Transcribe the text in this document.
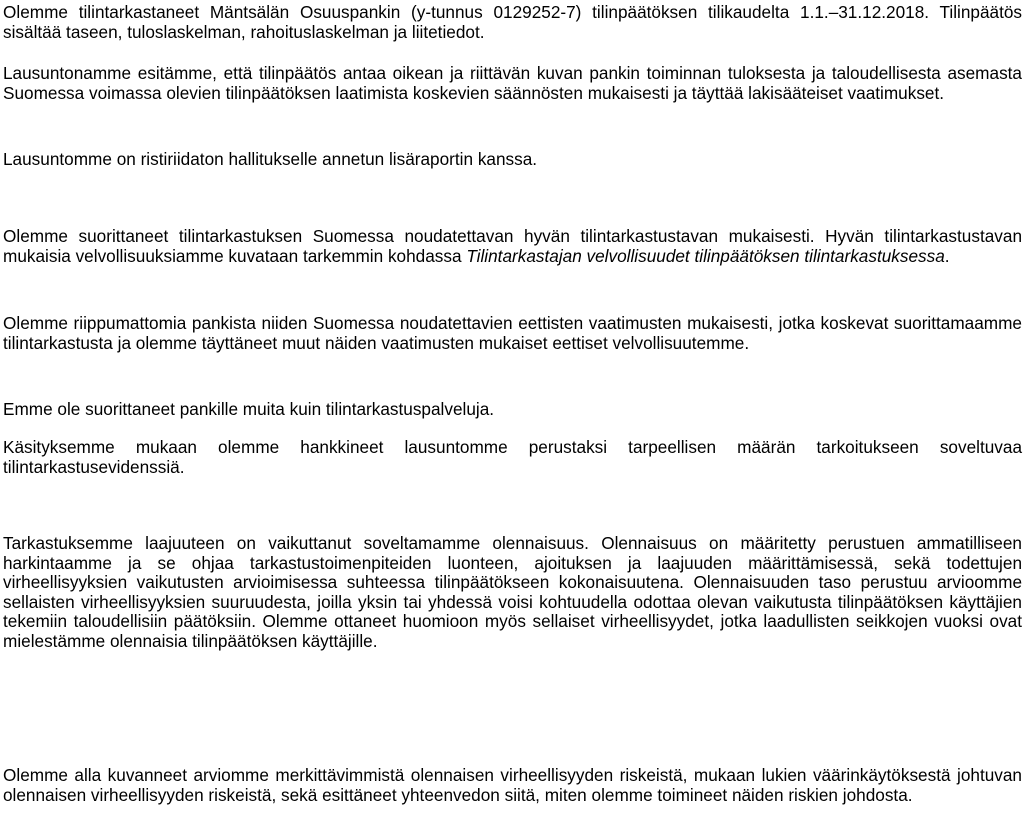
Olemme tilintarkastaneet Mäntsälän Osuuspankin (y-tunnus 0129252-7) tilinpäätöksen tilikaudelta 1.1.–31.12.2018. Tilinpäätös sisältää taseen, tuloslaskelman, rahoituslaskelman ja liitetiedot.

Lausuntonamme esitämme, että tilinpäätös antaa oikean ja riittävän kuvan pankin toiminnan tuloksesta ja taloudellisesta asemasta Suomessa voimassa olevien tilinpäätöksen laatimista koskevien säännösten mukaisesti ja täyttää lakisääteiset vaatimukset.

Lausuntomme on ristiriidaton hallitukselle annetun lisäraportin kanssa.

Olemme suorittaneet tilintarkastuksen Suomessa noudatettavan hyvän tilintarkastustavan mukaisesti. Hyvän tilintarkastustavan mukaisia velvollisuuksiamme kuvataan tarkemmin kohdassa Tilintarkastajan velvollisuudet tilinpäätöksen tilintarkastuksessa.

Olemme riippumattomia pankista niiden Suomessa noudatettavien eettisten vaatimusten mukaisesti, jotka koskevat suorittamaamme tilintarkastusta ja olemme täyttäneet muut näiden vaatimusten mukaiset eettiset velvollisuutemme.

Emme ole suorittaneet pankille muita kuin tilintarkastuspalveluja.

Käsityksemme mukaan olemme hankkineet lausuntomme perustaksi tarpeellisen määrän tarkoitukseen soveltuvaa tilintarkastusevidenssiä.

Tarkastuksemme laajuuteen on vaikuttanut soveltamamme olennaisuus. Olennaisuus on määritetty perustuen ammatilliseen harkintaamme ja se ohjaa tarkastustoimenpiteiden luonteen, ajoituksen ja laajuuden määrittämisessä, sekä todettujen virheellisyyksien vaikutusten arvioimisessa suhteessa tilinpäätökseen kokonaisuutena. Olennaisuuden taso perustuu arvioomme sellaisten virheellisyyksien suuruudesta, joilla yksin tai yhdessä voisi kohtuudella odottaa olevan vaikutusta tilinpäätöksen käyttäjien tekemiin taloudellisiin päätöksiin. Olemme ottaneet huomioon myös sellaiset virheellisyydet, jotka laadullisten seikkojen vuoksi ovat mielestämme olennaisia tilinpäätöksen käyttäjille.

Olemme alla kuvanneet arviomme merkittävimmistä olennaisen virheellisyyden riskeistä, mukaan lukien väärinkäytöksestä johtuvan olennaisen virheellisyyden riskeistä, sekä esittäneet yhteenvedon siitä, miten olemme toimineet näiden riskien johdosta.
